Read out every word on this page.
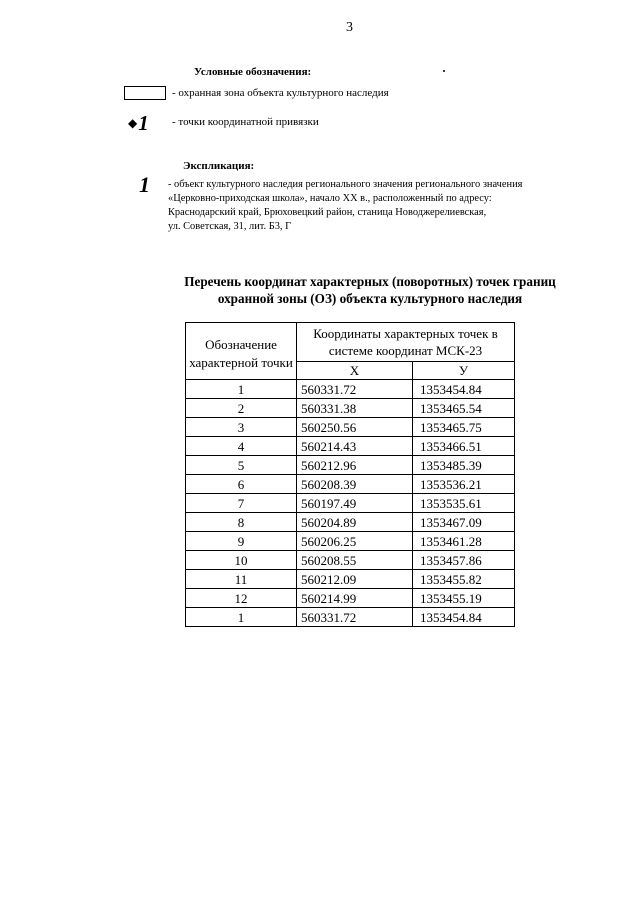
3
Условные обозначения:
- охранная зона объекта культурного наследия
◆ 1 - точки координатной привязки
Экспликация:
1 - объект культурного наследия регионального значения регионального значения
«Церковно-приходская школа», начало XX в., расположенный по адресу:
Краснодарский край, Брюховецкий район, станица Новоджерелиевская,
ул. Советская, 31, лит. Б3, Г
Перечень координат характерных (поворотных) точек границ
охранной зоны (ОЗ) объекта культурного наследия
Обозначение характерной точки	Координаты характерных точек в системе координат МСК-23	
	X	У
1	560331.72	1353454.84
2	560331.38	1353465.54
3	560250.56	1353465.75
4	560214.43	1353466.51
5	560212.96	1353485.39
6	560208.39	1353536.21
7	560197.49	1353535.61
8	560204.89	1353467.09
9	560206.25	1353461.28
10	560208.55	1353457.86
11	560212.09	1353455.82
12	560214.99	1353455.19
1	560331.72	1353454.84
